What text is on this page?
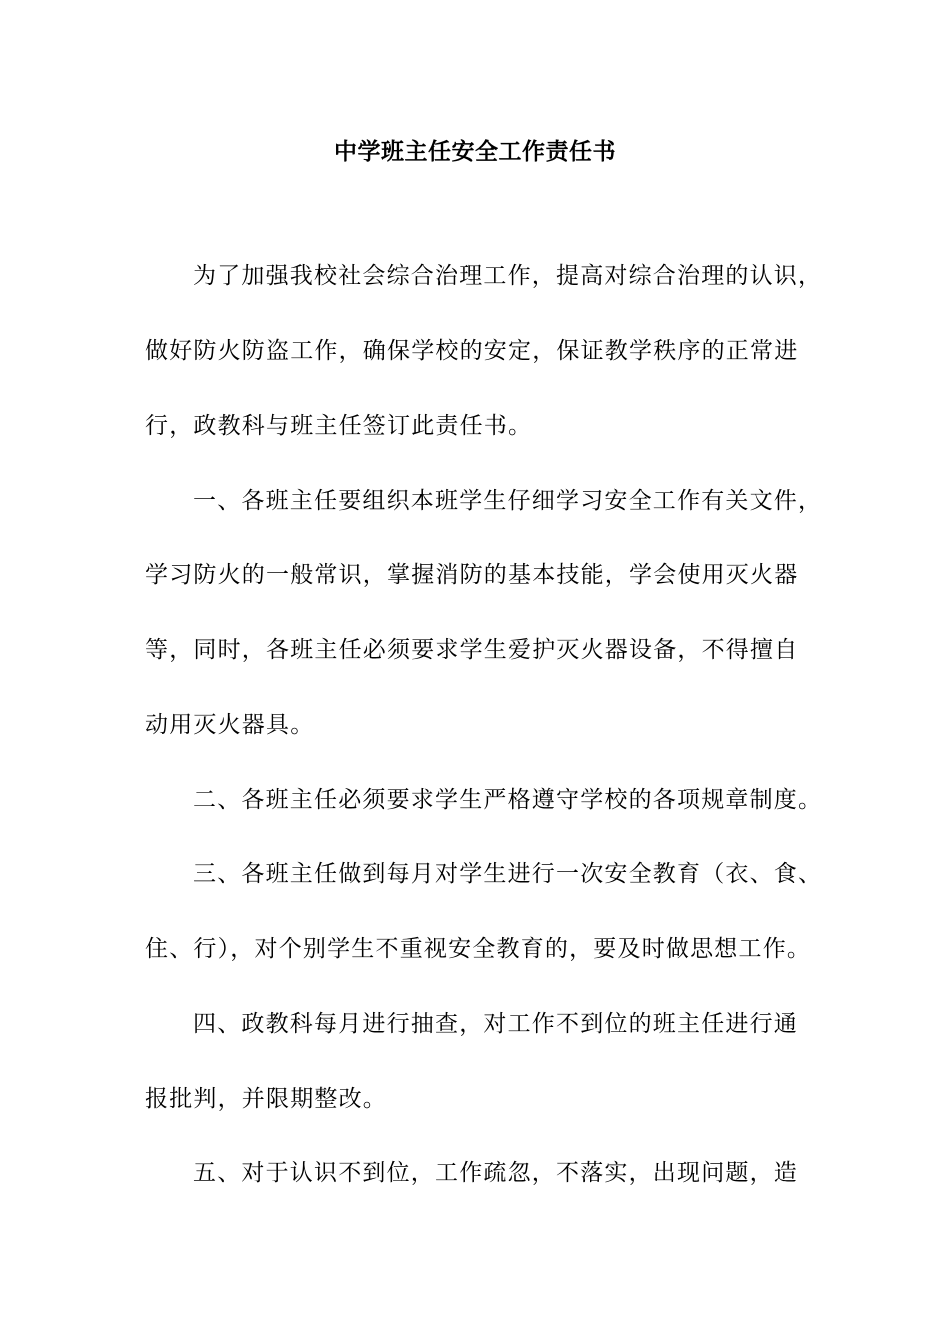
中学班主任安全工作责任书
为了加强我校社会综合治理工作，提高对综合治理的认识，
做好防火防盗工作，确保学校的安定，保证教学秩序的正常进
行，政教科与班主任签订此责任书。
一、各班主任要组织本班学生仔细学习安全工作有关文件，
学习防火的一般常识，掌握消防的基本技能，学会使用灭火器
等，同时，各班主任必须要求学生爱护灭火器设备，不得擅自
动用灭火器具。
二、各班主任必须要求学生严格遵守学校的各项规章制度。
三、各班主任做到每月对学生进行一次安全教育（衣、食、
住、行），对个别学生不重视安全教育的，要及时做思想工作。
四、政教科每月进行抽查，对工作不到位的班主任进行通
报批判，并限期整改。
五、对于认识不到位，工作疏忽，不落实，出现问题，造
